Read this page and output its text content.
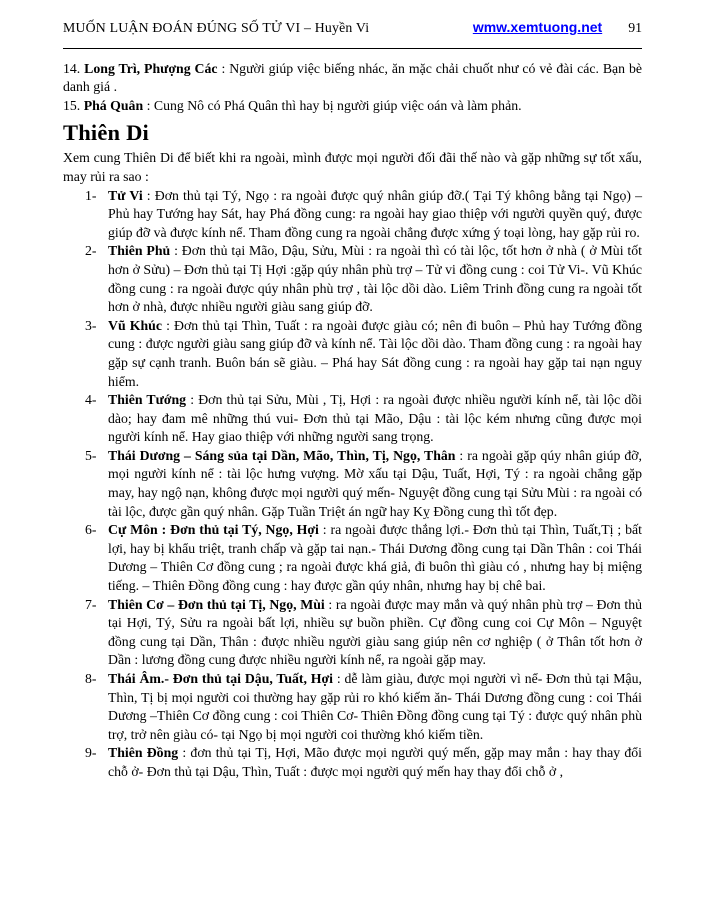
MUỐN LUẬN ĐOÁN ĐÚNG SỐ TỬ VI – Huyền Vi	wmw.xemtuong.net 91

14. Long Trì, Phượng Các : Người giúp việc biếng nhác, ăn mặc chải chuốt như có vẻ đài các. Bạn bè danh giá .

15. Phá Quân : Cung Nô có Phá Quân thì hay bị người giúp việc oán và làm phản.

Thiên Di

Xem cung Thiên Di để biết khi ra ngoài, mình được mọi người đối đãi thế nào và gặp những sự tốt xấu, may rủi ra sao :

1- Tử Vi : Đơn thủ tại Tý, Ngọ : ra ngoài được quý nhân giúp đỡ.( Tại Tý không bằng tại Ngọ) –Phủ hay Tướng hay Sát, hay Phá đồng cung: ra ngoài hay giao thiệp với người quyền quý, được giúp đỡ và được kính nể. Tham đồng cung ra ngoài chẳng được xứng ý toại lòng, hay gặp rủi ro.
2- Thiên Phủ : Đơn thủ tại Mão, Dậu, Sửu, Mùi : ra ngoài thì có tài lộc, tốt hơn ở nhà ( ở Mùi tốt hơn ở Sửu) – Đơn thủ tại Tị Hợi :gặp qúy nhân phù trợ – Tử vi đồng cung : coi Tử Vi-. Vũ Khúc đồng cung : ra ngoài được qúy nhân phù trợ , tài lộc dồi dào. Liêm Trinh đồng cung ra ngoài tốt hơn ở nhà, được nhiều người giàu sang giúp đỡ.
3- Vũ Khúc : Đơn thủ tại Thìn, Tuất : ra ngoài được giàu có; nên đi buôn – Phủ hay Tướng đồng cung : được người giàu sang giúp đỡ và kính nể. Tài lộc dồi dào. Tham đồng cung : ra ngoài hay gặp sự cạnh tranh. Buôn bán sẽ giàu. – Phá hay Sát đồng cung : ra ngoài hay gặp tai nạn nguy hiểm.
4- Thiên Tướng : Đơn thủ tại Sửu, Mùi , Tị, Hợi : ra ngoài được nhiều người kính nể, tài lộc dồi dào; hay đam mê những thú vui- Đơn thủ tại Mão, Dậu : tài lộc kém nhưng cũng được mọi người kính nể. Hay giao thiệp với những người sang trọng.
5- Thái Dương – Sáng sủa tại Dần, Mão, Thìn, Tị, Ngọ, Thân : ra ngoài gặp qúy nhân giúp đỡ, mọi người kính nể : tài lộc hưng vượng. Mờ xấu tại Dậu, Tuất, Hợi, Tý : ra ngoài chẳng gặp may, hay ngộ nạn, không được mọi người quý mến- Nguyệt đồng cung tại Sửu Mùi : ra ngoài có tài lộc, được gần quý nhân. Gặp Tuần Triệt án ngữ hay Kỵ Đồng cung thì tốt đẹp.
6- Cự Môn : Đơn thủ tại Tý, Ngọ, Hợi : ra ngoài được thắng lợi.- Đơn thủ tại Thìn, Tuất,Tị ; bất lợi, hay bị khẩu triệt, tranh chấp và gặp tai nạn.- Thái Dương đồng cung tại Dần Thân : coi Thái Dương – Thiên Cơ đồng cung ; ra ngoài được khá giả, đi buôn thì giàu có , nhưng hay bị miệng tiếng. – Thiên Đồng đồng cung : hay được gần qúy nhân, nhưng hay bị chê bai.
7- Thiên Cơ – Đơn thủ tại Tị, Ngọ, Mùi : ra ngoài được may mắn và quý nhân phù trợ – Đơn thủ tại Hợi, Tý, Sửu ra ngoài bất lợi, nhiều sự buồn phiền. Cự đồng cung coi Cự Môn – Nguyệt đồng cung tại Dần, Thân : được nhiều người giàu sang giúp nên cơ nghiệp ( ở Thân tốt hơn ở Dần : lương đồng cung được nhiều người kính nể, ra ngoài gặp may.
8- Thái Âm.- Đơn thủ tại Dậu, Tuất, Hợi : dễ làm giàu, được mọi người vì nể- Đơn thủ tại Mậu, Thìn, Tị bị mọi người coi thường hay gặp rủi ro khó kiếm ăn- Thái Dương đồng cung : coi Thái Dương –Thiên Cơ đồng cung : coi Thiên Cơ- Thiên Đồng đồng cung tại Tý : được quý nhân phù trợ, trở nên giàu có- tại Ngọ bị mọi người coi thường khó kiếm tiền.
9- Thiên Đồng : đơn thủ tại Tị, Hợi, Mão được mọi người quý mến, gặp may mắn : hay thay đổi chỗ ở- Đơn thủ tại Dậu, Thìn, Tuất : được mọi người quý mến hay thay đổi chỗ ở ,
